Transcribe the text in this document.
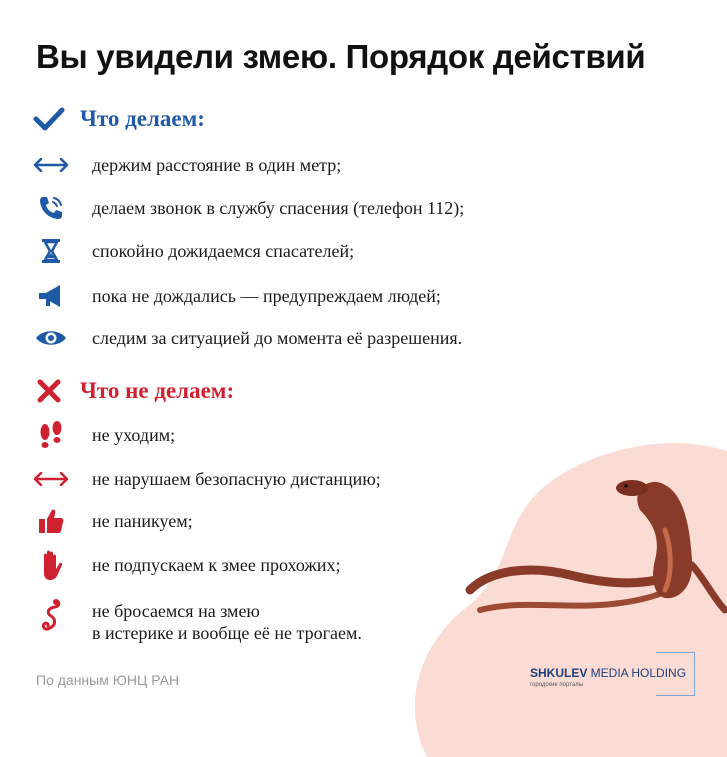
Вы увидели змею. Порядок действий
Что делаем:
держим расстояние в один метр;
делаем звонок в службу спасения (телефон 112);
спокойно дожидаемся спасателей;
пока не дождались — предупреждаем людей;
следим за ситуацией до момента её разрешения.
Что не делаем:
не уходим;
не нарушаем безопасную дистанцию;
не паникуем;
не подпускаем к змее прохожих;
не бросаемся на змею
в истерике и вообще её не трогаем.
По данным ЮНЦ РАН	SHKULEV MEDIA HOLDING
городские порталы
